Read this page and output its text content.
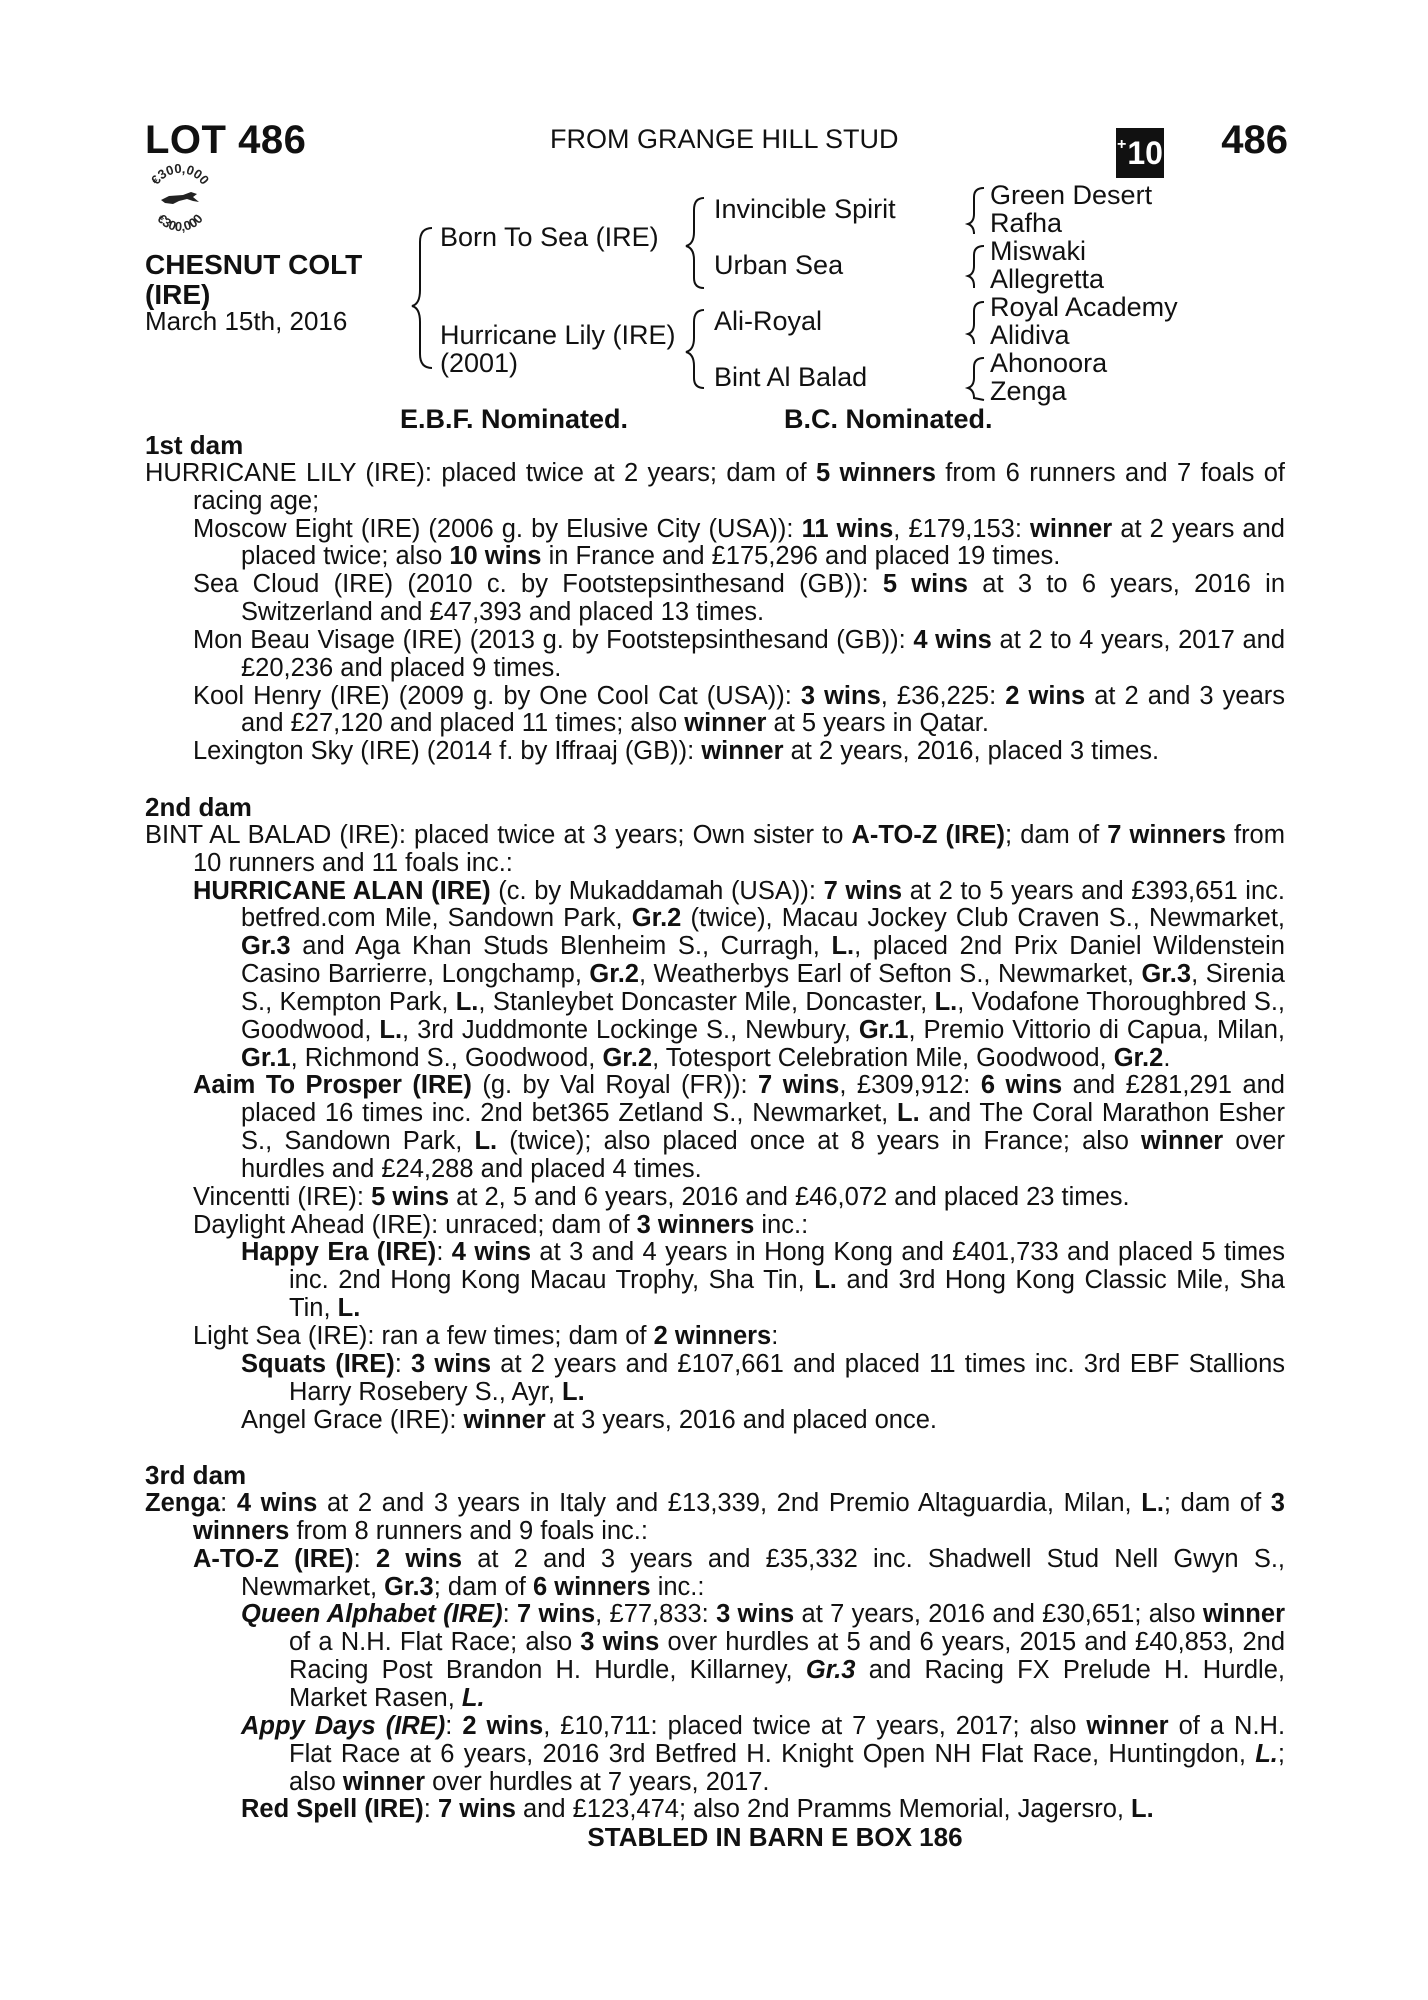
LOT 486	FROM GRANGE HILL STUD	+ 10 486
€300,000
€300,000
CHESNUT COLT (IRE)
March 15th, 2016
Born To Sea (IRE)
Hurricane Lily (IRE)
(2001)
Invincible Spirit
Urban Sea
Ali-Royal
Bint Al Balad
Green Desert
Rafha
Miswaki
Allegretta
Royal Academy
Alidiva
Ahonoora
Zenga
E.B.F. Nominated.	B.C. Nominated.

1st dam

HURRICANE LILY (IRE): placed twice at 2 years; dam of 5 winners from 6 runners and 7 foals of racing age;

Moscow Eight (IRE) (2006 g. by Elusive City (USA)): 11 wins, £179,153: winner at 2 years and placed twice; also 10 wins in France and £175,296 and placed 19 times.

Sea Cloud (IRE) (2010 c. by Footstepsinthesand (GB)): 5 wins at 3 to 6 years, 2016 in Switzerland and £47,393 and placed 13 times.

Mon Beau Visage (IRE) (2013 g. by Footstepsinthesand (GB)): 4 wins at 2 to 4 years, 2017 and £20,236 and placed 9 times.

Kool Henry (IRE) (2009 g. by One Cool Cat (USA)): 3 wins, £36,225: 2 wins at 2 and 3 years and £27,120 and placed 11 times; also winner at 5 years in Qatar.

Lexington Sky (IRE) (2014 f. by Iffraaj (GB)): winner at 2 years, 2016, placed 3 times.

2nd dam

BINT AL BALAD (IRE): placed twice at 3 years; Own sister to A-TO-Z (IRE); dam of 7 winners from 10 runners and 11 foals inc.:

HURRICANE ALAN (IRE) (c. by Mukaddamah (USA)): 7 wins at 2 to 5 years and £393,651 inc. betfred.com Mile, Sandown Park, Gr.2 (twice), Macau Jockey Club Craven S., Newmarket, Gr.3 and Aga Khan Studs Blenheim S., Curragh, L., placed 2nd Prix Daniel Wildenstein Casino Barrierre, Longchamp, Gr.2, Weatherbys Earl of Sefton S., Newmarket, Gr.3, Sirenia S., Kempton Park, L., Stanleybet Doncaster Mile, Doncaster, L., Vodafone Thoroughbred S., Goodwood, L., 3rd Juddmonte Lockinge S., Newbury, Gr.1, Premio Vittorio di Capua, Milan, Gr.1, Richmond S., Goodwood, Gr.2, Totesport Celebration Mile, Goodwood, Gr.2.

Aaim To Prosper (IRE) (g. by Val Royal (FR)): 7 wins, £309,912: 6 wins and £281,291 and placed 16 times inc. 2nd bet365 Zetland S., Newmarket, L. and The Coral Marathon Esher S., Sandown Park, L. (twice); also placed once at 8 years in France; also winner over hurdles and £24,288 and placed 4 times.

Vincentti (IRE): 5 wins at 2, 5 and 6 years, 2016 and £46,072 and placed 23 times.

Daylight Ahead (IRE): unraced; dam of 3 winners inc.:

Happy Era (IRE): 4 wins at 3 and 4 years in Hong Kong and £401,733 and placed 5 times inc. 2nd Hong Kong Macau Trophy, Sha Tin, L. and 3rd Hong Kong Classic Mile, Sha Tin, L.

Light Sea (IRE): ran a few times; dam of 2 winners:

Squats (IRE): 3 wins at 2 years and £107,661 and placed 11 times inc. 3rd EBF Stallions Harry Rosebery S., Ayr, L.

Angel Grace (IRE): winner at 3 years, 2016 and placed once.

3rd dam

Zenga: 4 wins at 2 and 3 years in Italy and £13,339, 2nd Premio Altaguardia, Milan, L.; dam of 3 winners from 8 runners and 9 foals inc.:

A-TO-Z (IRE): 2 wins at 2 and 3 years and £35,332 inc. Shadwell Stud Nell Gwyn S., Newmarket, Gr.3; dam of 6 winners inc.:

Queen Alphabet (IRE): 7 wins, £77,833: 3 wins at 7 years, 2016 and £30,651; also winner of a N.H. Flat Race; also 3 wins over hurdles at 5 and 6 years, 2015 and £40,853, 2nd Racing Post Brandon H. Hurdle, Killarney, Gr.3 and Racing FX Prelude H. Hurdle, Market Rasen, L.

Appy Days (IRE): 2 wins, £10,711: placed twice at 7 years, 2017; also winner of a N.H. Flat Race at 6 years, 2016 3rd Betfred H. Knight Open NH Flat Race, Huntingdon, L.; also winner over hurdles at 7 years, 2017.

Red Spell (IRE): 7 wins and £123,474; also 2nd Pramms Memorial, Jagersro, L.

STABLED IN BARN E BOX 186
